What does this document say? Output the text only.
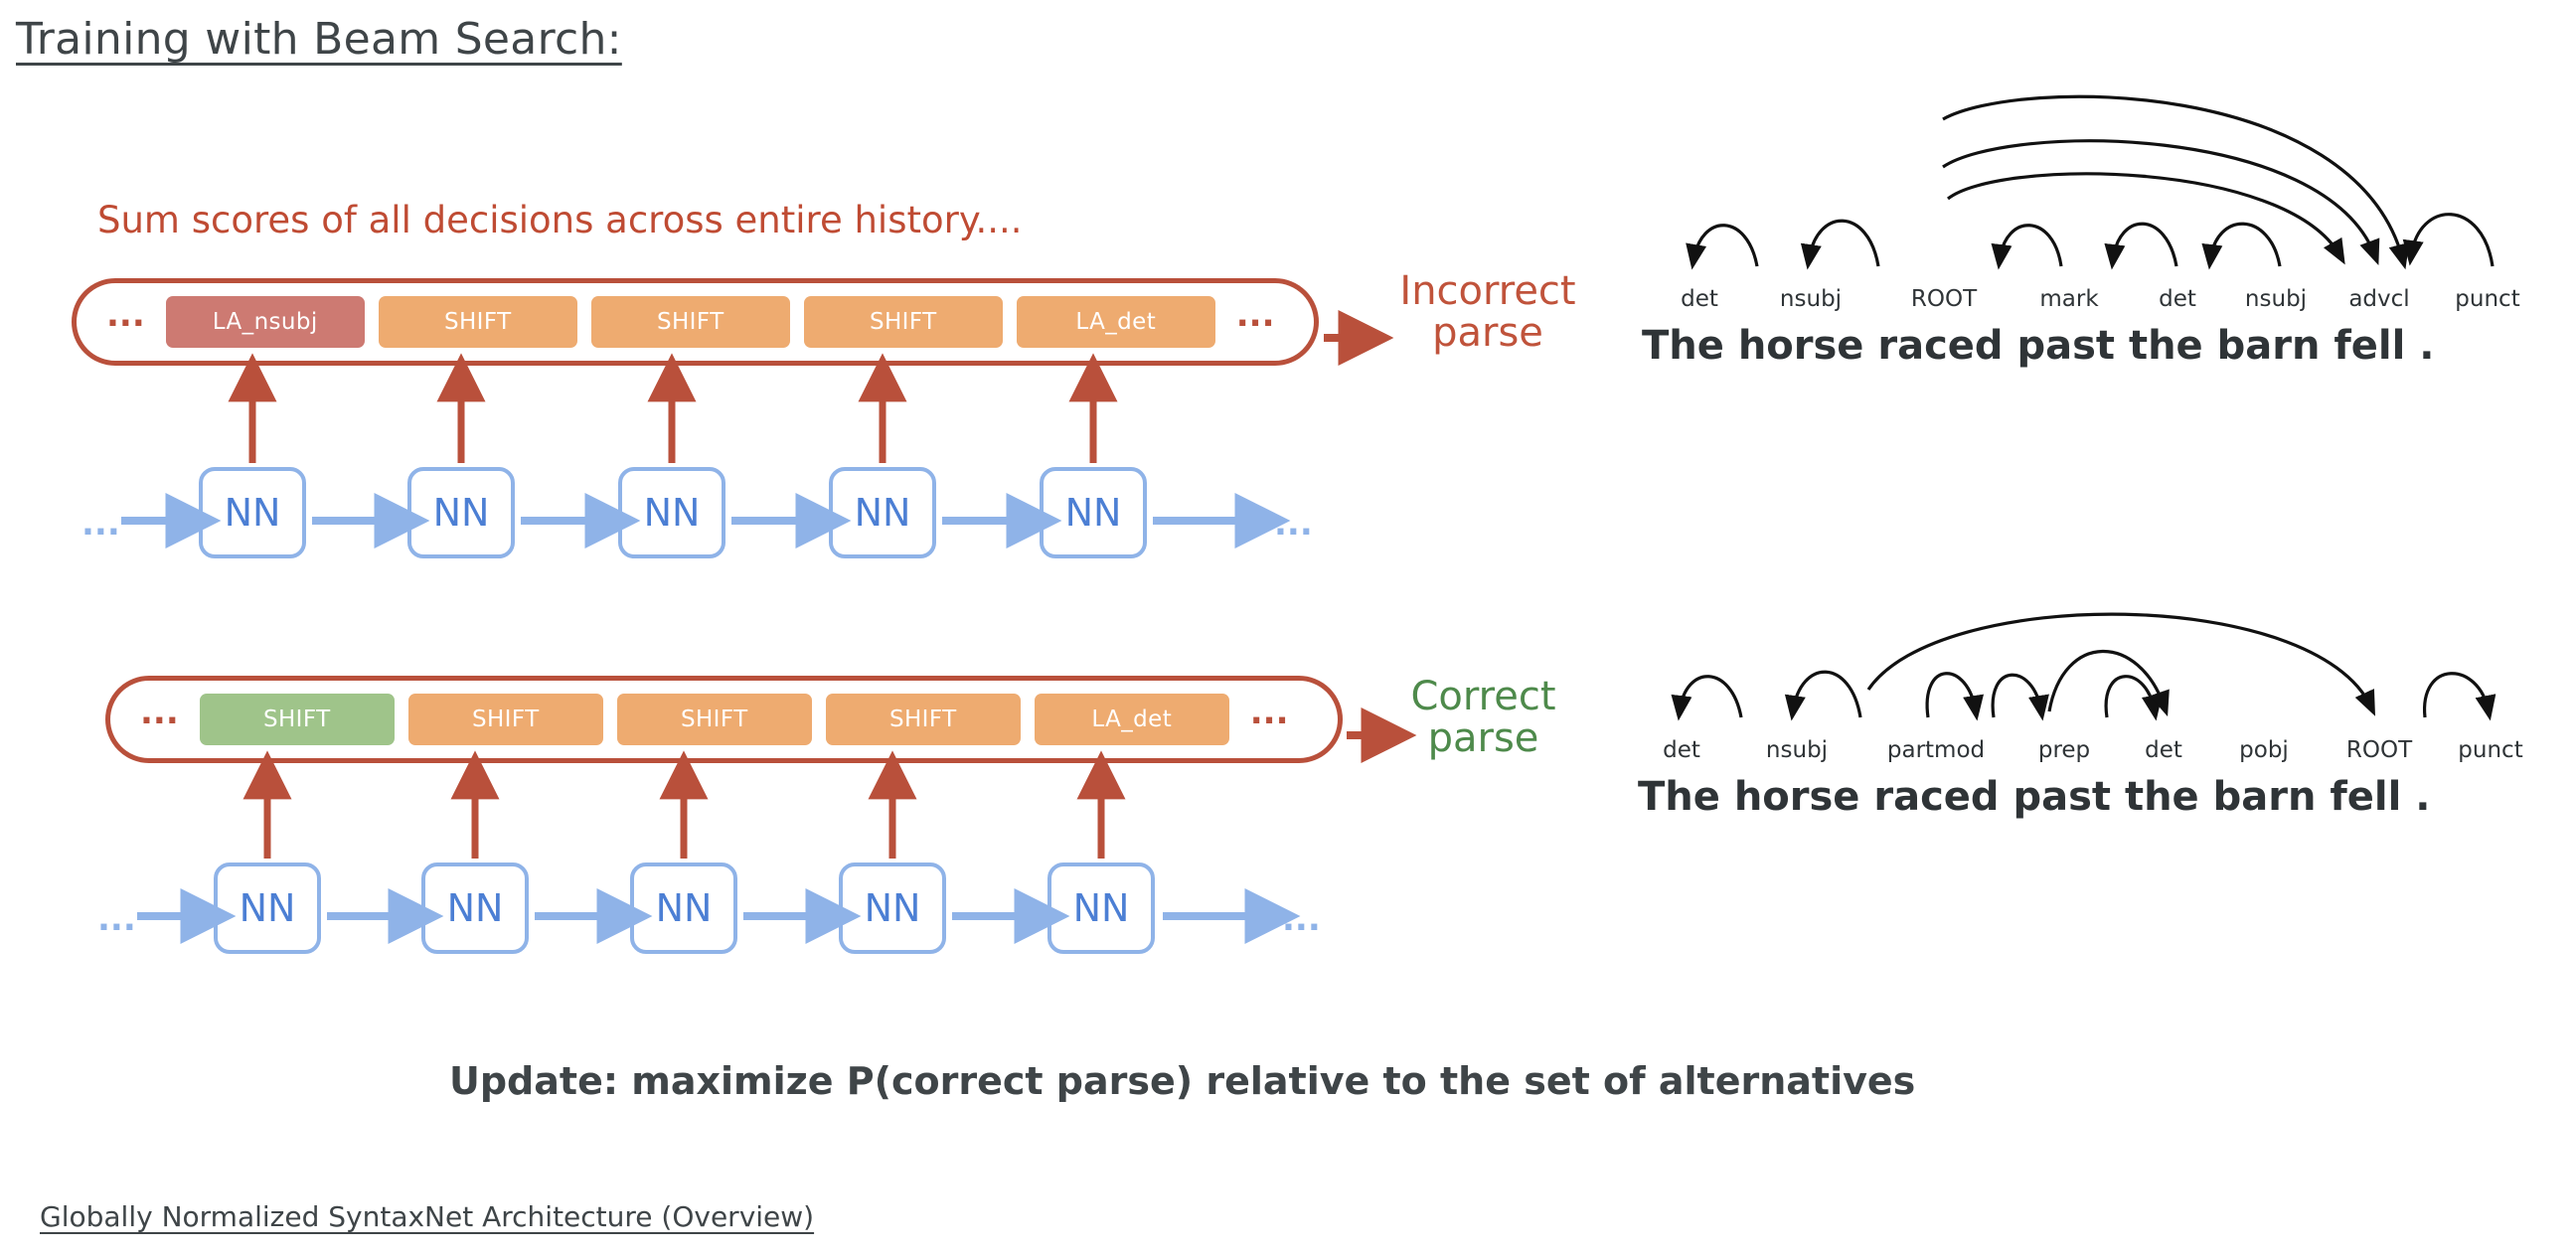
Training with Beam Search:
Sum scores of all decisions across entire history....
...	LA_nsubj	SHIFT	SHIFT	SHIFT	LA_det	...
Incorrect
parse
...	NN	NN	NN	NN	NN	...
...	SHIFT	SHIFT	SHIFT	SHIFT	LA_det	...	Correct
parse
...	NN	NN	NN	NN	NN	...
det	nsubj	ROOT	mark	det nsubj advcl punct
The horse raced past the barn fell .
det	nsubj	partmod prep det pobj	ROOT punct
The horse raced past the barn fell .
Update: maximize P(correct parse) relative to the set of alternatives
Globally Normalized SyntaxNet Architecture (Overview)
